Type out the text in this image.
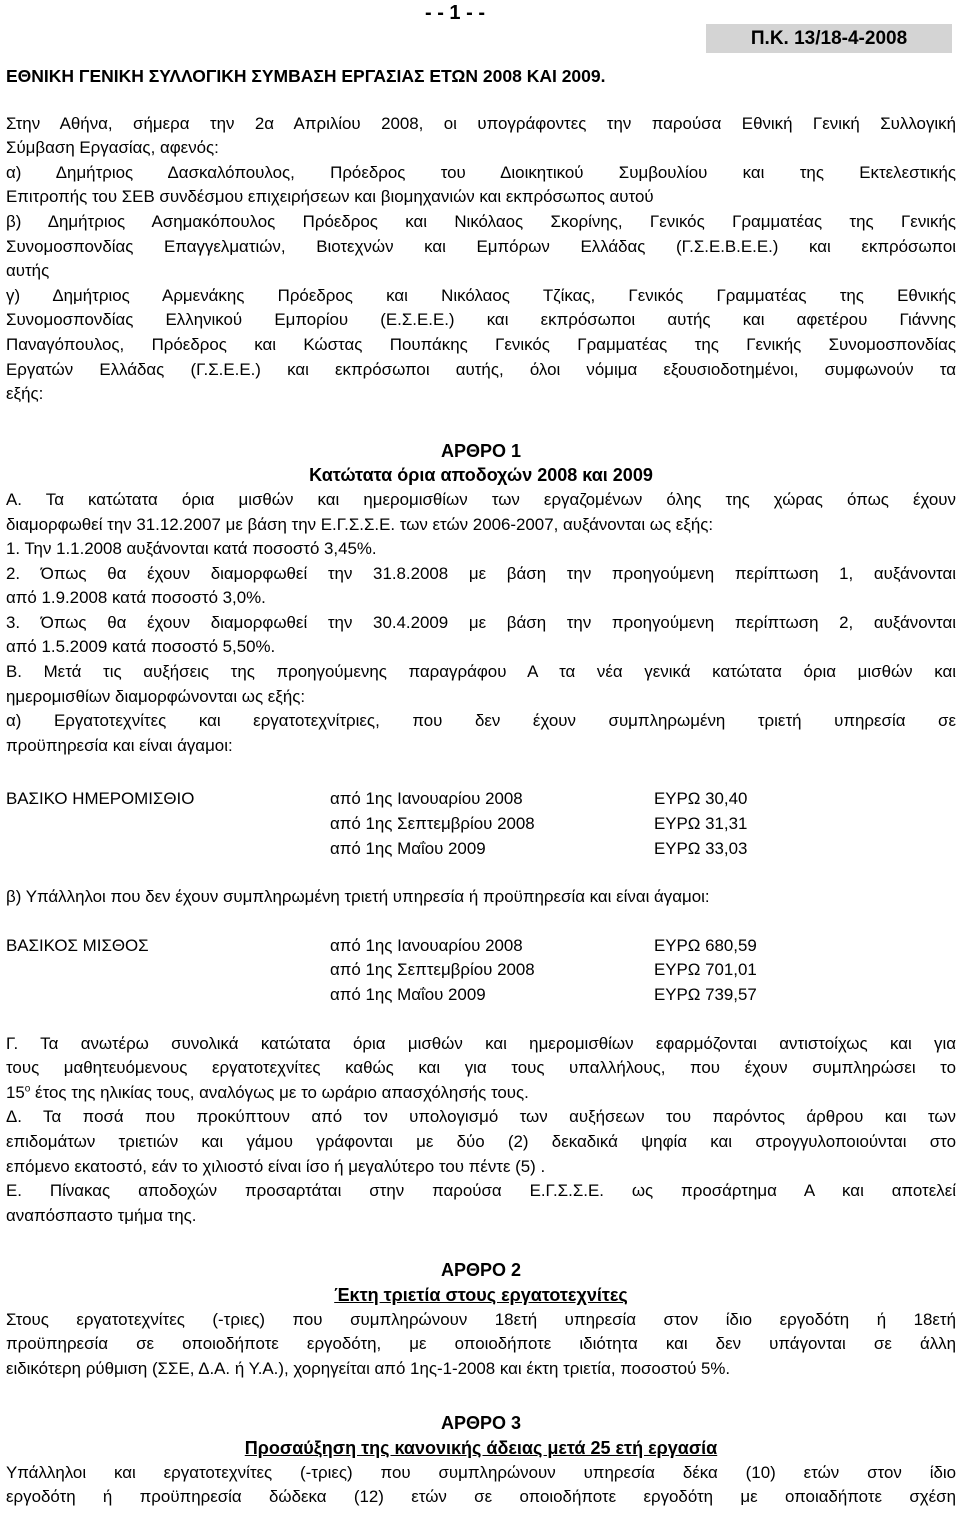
- - 1 - -
Π.Κ. 13/18-4-2008

ΕΘΝΙΚΗ ΓΕΝΙΚΗ ΣΥΛΛΟΓΙΚΗ ΣΥΜΒΑΣΗ ΕΡΓΑΣΙΑΣ ΕΤΩΝ 2008 ΚΑΙ 2009.

Στην Αθήνα, σήμερα την 2α Απριλίου 2008, οι υπογράφοντες την παρούσα Εθνική Γενική Συλλογική

Σύμβαση Εργασίας, αφενός:

α) Δημήτριος Δασκαλόπουλος, Πρόεδρος του Διοικητικού Συμβουλίου και της Εκτελεστικής

Επιτροπής του ΣΕΒ συνδέσμου επιχειρήσεων και βιομηχανιών και εκπρόσωπος αυτού

β) Δημήτριος Ασημακόπουλος Πρόεδρος και Νικόλαος Σκορίνης, Γενικός Γραμματέας της Γενικής

Συνομοσπονδίας Επαγγελματιών, Βιοτεχνών και Εμπόρων Ελλάδας (Γ.Σ.Ε.Β.Ε.Ε.) και εκπρόσωποι

αυτής

γ) Δημήτριος Αρμενάκης Πρόεδρος και Νικόλαος Τζίκας, Γενικός Γραμματέας της Εθνικής

Συνομοσπονδίας Ελληνικού Εμπορίου (Ε.Σ.Ε.Ε.) και εκπρόσωποι αυτής και αφετέρου Γιάννης

Παναγόπουλος, Πρόεδρος και Κώστας Πουπάκης Γενικός Γραμματέας της Γενικής Συνομοσπονδίας

Εργατών Ελλάδας (Γ.Σ.Ε.Ε.) και εκπρόσωποι αυτής, όλοι νόμιμα εξουσιοδοτημένοι, συμφωνούν τα

εξής:

ΑΡΘΡΟ 1

Κατώτατα όρια αποδοχών 2008 και 2009

Α. Τα κατώτατα όρια μισθών και ημερομισθίων των εργαζομένων όλης της χώρας όπως έχουν

διαμορφωθεί την 31.12.2007 με βάση την Ε.Γ.Σ.Σ.Ε. των ετών 2006-2007, αυξάνονται ως εξής:

1. Την 1.1.2008 αυξάνονται κατά ποσοστό 3,45%.

2. Όπως θα έχουν διαμορφωθεί την 31.8.2008 με βάση την προηγούμενη περίπτωση 1, αυξάνονται

από 1.9.2008 κατά ποσοστό 3,0%.

3. Όπως θα έχουν διαμορφωθεί την 30.4.2009 με βάση την προηγούμενη περίπτωση 2, αυξάνονται

από 1.5.2009 κατά ποσοστό 5,50%.

Β. Μετά τις αυξήσεις της προηγούμενης παραγράφου Α τα νέα γενικά κατώτατα όρια μισθών και

ημερομισθίων διαμορφώνονται ως εξής:

α) Εργατοτεχνίτες και εργατοτεχνίτριες, που δεν έχουν συμπληρωμένη τριετή υπηρεσία σε

προϋπηρεσία και είναι άγαμοι:

ΒΑΣΙΚΟ ΗΜΕΡΟΜΙΣΘΙΟ	από 1ης Ιανουαρίου 2008	ΕΥΡΩ 30,40
από 1ης Σεπτεμβρίου 2008	ΕΥΡΩ 31,31
από 1ης Μαΐου 2009	ΕΥΡΩ 33,03

β) Υπάλληλοι που δεν έχουν συμπληρωμένη τριετή υπηρεσία ή προϋπηρεσία και είναι άγαμοι:

ΒΑΣΙΚΟΣ ΜΙΣΘΟΣ	από 1ης Ιανουαρίου 2008	ΕΥΡΩ 680,59
από 1ης Σεπτεμβρίου 2008	ΕΥΡΩ 701,01
από 1ης Μαΐου 2009	ΕΥΡΩ 739,57

Γ. Τα ανωτέρω συνολικά κατώτατα όρια μισθών και ημερομισθίων εφαρμόζονται αντιστοίχως και για

τους μαθητευόμενους εργατοτεχνίτες καθώς και για τους υπαλλήλους, που έχουν συμπληρώσει το

$15^o$ έτος της ηλικίας τους, αναλόγως με το ωράριο απασχόλησής τους.

Δ. Τα ποσά που προκύπτουν από τον υπολογισμό των αυξήσεων του παρόντος άρθρου και των

επιδομάτων τριετιών και γάμου γράφονται με δύο (2) δεκαδικά ψηφία και στρογγυλοποιούνται στο

επόμενο εκατοστό, εάν το χιλιοστό είναι ίσο ή μεγαλύτερο του πέντε (5) .

Ε. Πίνακας αποδοχών προσαρτάται στην παρούσα Ε.Γ.Σ.Σ.Ε. ως προσάρτημα Α και αποτελεί

αναπόσπαστο τμήμα της.

ΑΡΘΡΟ 2

Έκτη τριετία στους εργατοτεχνίτες

Στους εργατοτεχνίτες (-τριες) που συμπληρώνουν 18ετή υπηρεσία στον ίδιο εργοδότη ή 18ετή

προϋπηρεσία σε οποιοδήποτε εργοδότη, με οποιοδήποτε ιδιότητα και δεν υπάγονται σε άλλη

ειδικότερη ρύθμιση (ΣΣΕ, Δ.Α. ή Υ.Α.), χορηγείται από 1ης-1-2008 και έκτη τριετία, ποσοστού 5%.

ΑΡΘΡΟ 3

Προσαύξηση της κανονικής άδειας μετά 25 ετή εργασία

Υπάλληλοι και εργατοτεχνίτες (-τριες) που συμπληρώνουν υπηρεσία δέκα (10) ετών στον ίδιο

εργοδότη ή προϋπηρεσία δώδεκα (12) ετών σε οποιοδήποτε εργοδότη με οποιαδήποτε σχέση
